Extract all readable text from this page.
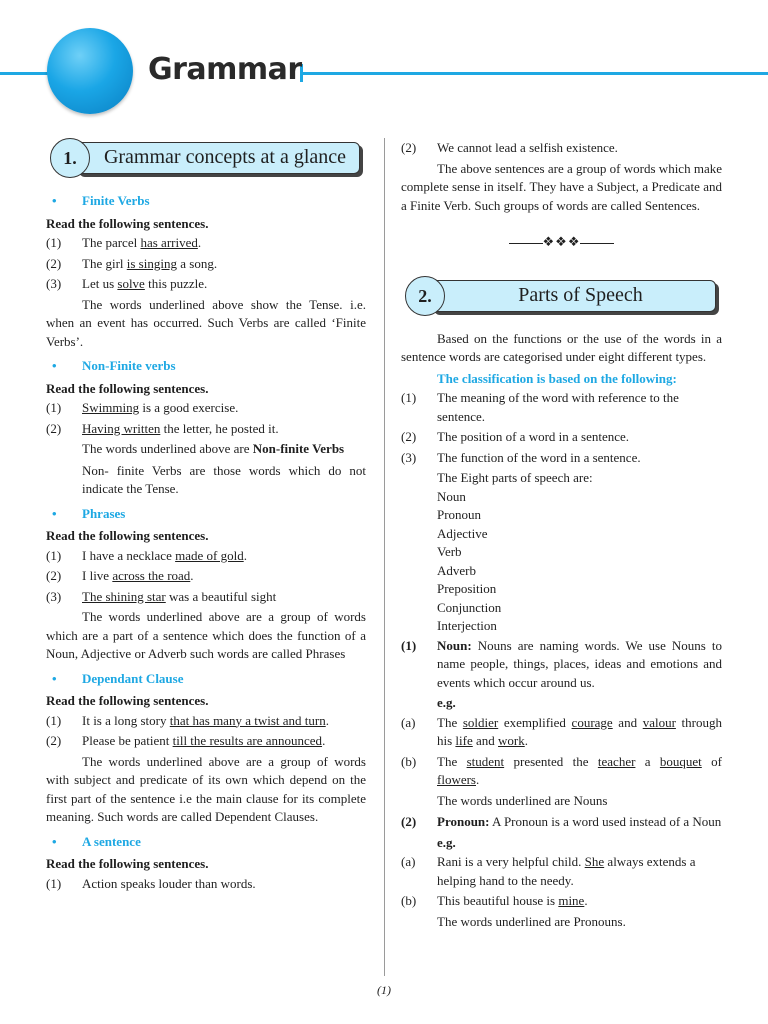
Grammar
1.	Grammar concepts at a glance
• Finite Verbs
Read the following sentences.
(1)	The parcel has arrived.
(2)	The girl is singing a song.
(3)	Let us solve this puzzle.
The words underlined above show the Tense. i.e. when an event has occurred. Such Verbs are called ‘Finite Verbs’.
• Non-Finite verbs
Read the following sentences.
(1)	Swimming is a good exercise.
(2)	Having written the letter, he posted it.
The words underlined above are Non-finite Verbs
Non- finite Verbs are those words which do not indicate the Tense.
• Phrases
Read the following sentences.
(1)	I have a necklace made of gold.
(2)	I live across the road.
(3)	The shining star was a beautiful sight
The words underlined above are a group of words which are a part of a sentence which does the function of a Noun, Adjective or Adverb such words are called Phrases
• Dependant Clause
Read the following sentences.
(1)	It is a long story that has many a twist and turn.
(2)	Please be patient till the results are announced.
The words underlined above are a group of words with subject and predicate of its own which depend on the first part of the sentence i.e the main clause for its complete meaning. Such words are called Dependent Clauses.
• A sentence
Read the following sentences.
(1)	Action speaks louder than words.
(2)	We cannot lead a selfish existence.
The above sentences are a group of words which make complete sense in itself. They have a Subject, a Predicate and a Finite Verb. Such groups of words are called Sentences.
❖❖❖
2.	Parts of Speech
Based on the functions or the use of the words in a sentence words are categorised under eight different types.
The classification is based on the following:
(1)	The meaning of the word with reference to the sentence.
(2)	The position of a word in a sentence.
(3)	The function of the word in a sentence.
The Eight parts of speech are:
Noun
Pronoun
Adjective
Verb
Adverb
Preposition
Conjunction
Interjection
(1)	Noun: Nouns are naming words. We use Nouns to name people, things, places, ideas and emotions and events which occur around us.
e.g.
(a)	The soldier exemplified courage and valour through his life and work.
(b)	The student presented the teacher a bouquet of flowers.
The words underlined are Nouns
(2)	Pronoun: A Pronoun is a word used instead of a Noun
e.g.
(a)	Rani is a very helpful child. She always extends a helping hand to the needy.
(b)	This beautiful house is mine.
The words underlined are Pronouns.
(1)
